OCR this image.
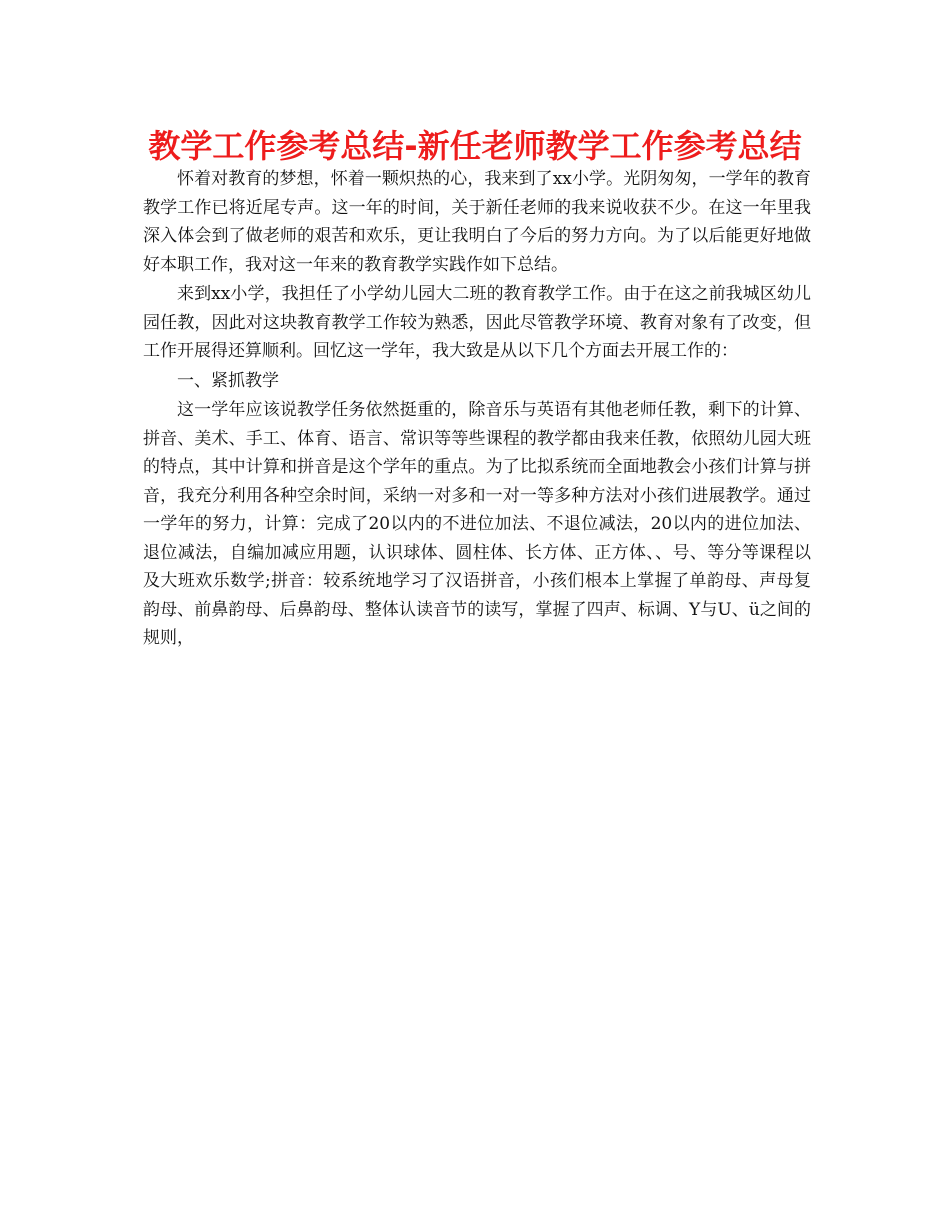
教学工作参考总结-新任老师教学工作参考总结

怀着对教育的梦想，怀着一颗炽热的心，我来到了xx小学。光阴匆匆，一学年的教育教学工作已将近尾专声。这一年的时间，关于新任老师的我来说收获不少。在这一年里我深入体会到了做老师的艰苦和欢乐，更让我明白了今后的努力方向。为了以后能更好地做好本职工作，我对这一年来的教育教学实践作如下总结。

来到xx小学，我担任了小学幼儿园大二班的教育教学工作。由于在这之前我城区幼儿园任教，因此对这块教育教学工作较为熟悉，因此尽管教学环境、教育对象有了改变，但工作开展得还算顺利。回忆这一学年，我大致是从以下几个方面去开展工作的：

一、紧抓教学

这一学年应该说教学任务依然挺重的，除音乐与英语有其他老师任教，剩下的计算、拼音、美术、手工、体育、语言、常识等等些课程的教学都由我来任教，依照幼儿园大班的特点，其中计算和拼音是这个学年的重点。为了比拟系统而全面地教会小孩们计算与拼音，我充分利用各种空余时间，采纳一对多和一对一等多种方法对小孩们进展教学。通过一学年的努力，计算：完成了20以内的不进位加法、不退位减法，20以内的进位加法、退位减法，自编加减应用题，认识球体、圆柱体、长方体、正方体、、号、等分等课程以及大班欢乐数学;拼音：较系统地学习了汉语拼音，小孩们根本上掌握了单韵母、声母复韵母、前鼻韵母、后鼻韵母、整体认读音节的读写，掌握了四声、标调、Y与U、ü之间的规则，
